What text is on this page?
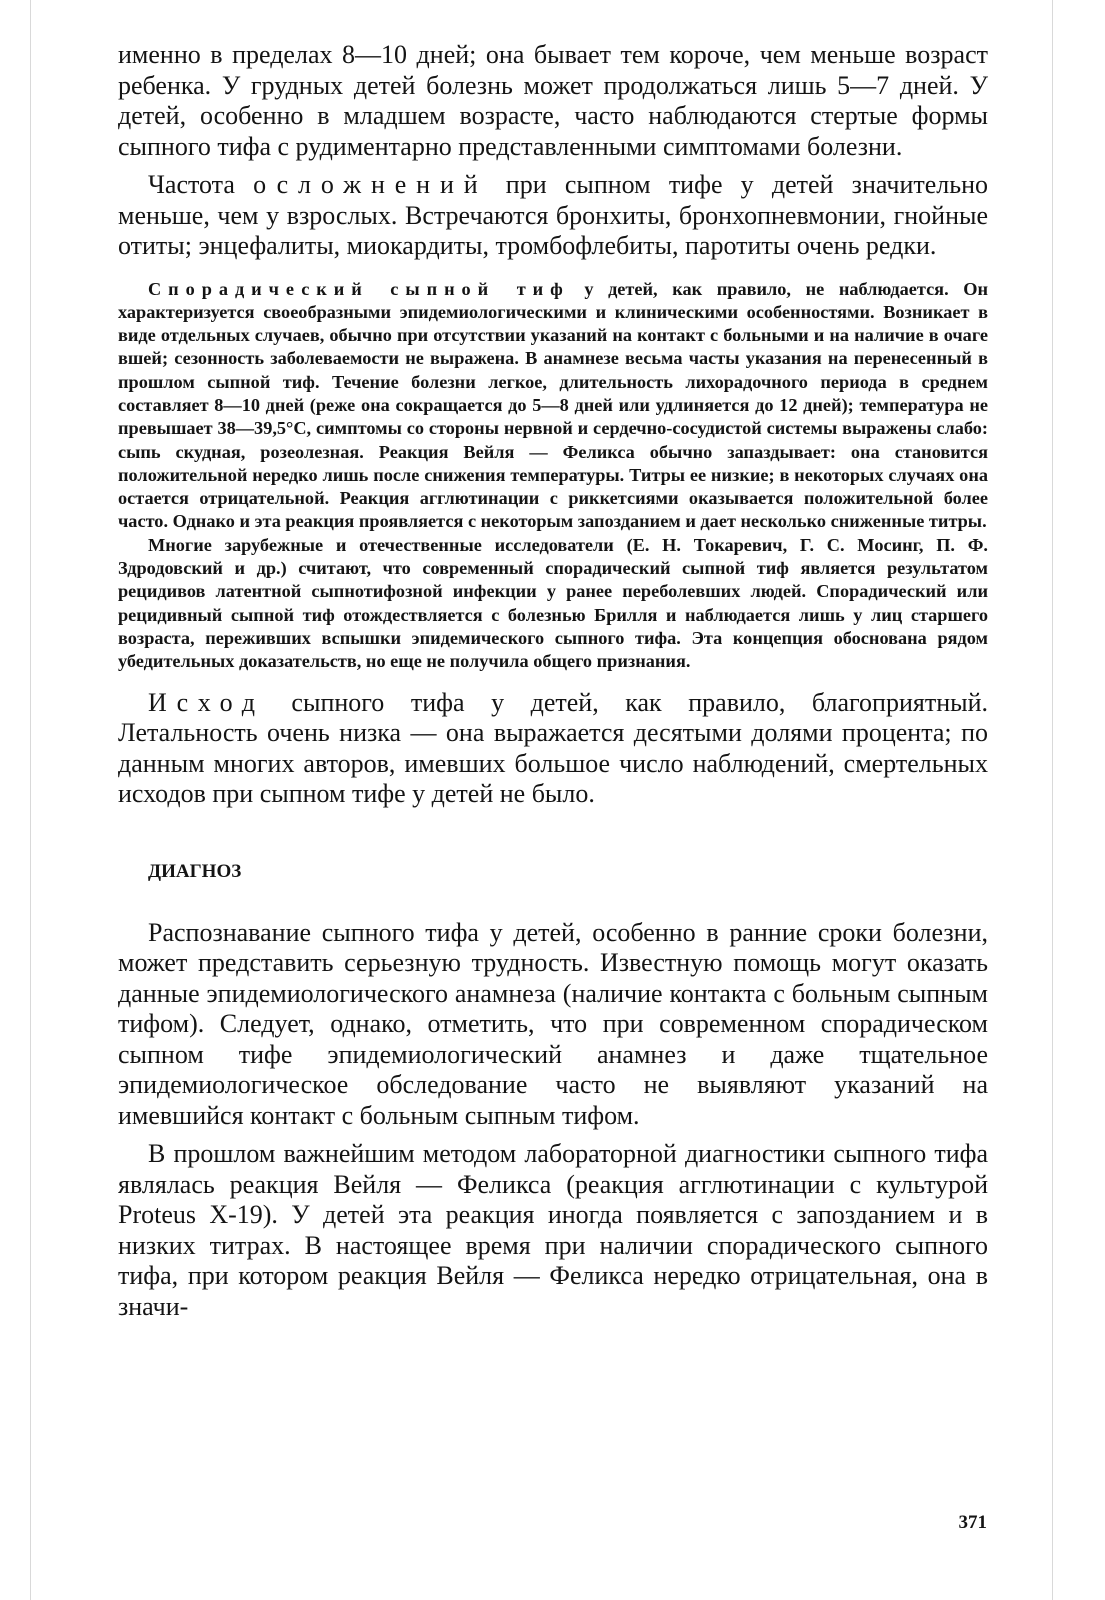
именно в пределах 8—10 дней; она бывает тем короче, чем меньше возраст ребенка. У грудных детей болезнь может продолжаться лишь 5—7 дней. У детей, особенно в младшем возрасте, часто наблюдаются стертые формы сыпного тифа с рудиментарно представленными симптомами болезни.

Частота осложнений при сыпном тифе у детей значительно меньше, чем у взрослых. Встречаются бронхиты, бронхопневмонии, гнойные отиты; энцефалиты, миокардиты, тромбофлебиты, паротиты очень редки.

Спорадический сыпной тиф у детей, как правило, не наблюдается. Он характеризуется своеобразными эпидемиологическими и клиническими особенностями. Возникает в виде отдельных случаев, обычно при отсутствии указаний на контакт с больными и на наличие в очаге вшей; сезонность заболеваемости не выражена. В анамнезе весьма часты указания на перенесенный в прошлом сыпной тиф. Течение болезни легкое, длительность лихорадочного периода в среднем составляет 8—10 дней (реже она сокращается до 5—8 дней или удлиняется до 12 дней); температура не превышает 38—39,5°С, симптомы со стороны нервной и сердечно-сосудистой системы выражены слабо: сыпь скудная, розеолезная. Реакция Вейля — Феликса обычно запаздывает: она становится положительной нередко лишь после снижения температуры. Титры ее низкие; в некоторых случаях она остается отрицательной. Реакция агглютинации с риккетсиями оказывается положительной более часто. Однако и эта реакция проявляется с некоторым запозданием и дает несколько сниженные титры.

Многие зарубежные и отечественные исследователи (Е. Н. Токаревич, Г. С. Мосинг, П. Ф. Здродовский и др.) считают, что современный спорадический сыпной тиф является результатом рецидивов латентной сыпнотифозной инфекции у ранее переболевших людей. Спорадический или рецидивный сыпной тиф отождествляется с болезнью Брилля и наблюдается лишь у лиц старшего возраста, переживших вспышки эпидемического сыпного тифа. Эта концепция обоснована рядом убедительных доказательств, но еще не получила общего признания.

Исход сыпного тифа у детей, как правило, благоприятный. Летальность очень низка — она выражается десятыми долями процента; по данным многих авторов, имевших большое число наблюдений, смертельных исходов при сыпном тифе у детей не было.

ДИАГНОЗ

Распознавание сыпного тифа у детей, особенно в ранние сроки болезни, может представить серьезную трудность. Известную помощь могут оказать данные эпидемиологического анамнеза (наличие контакта с больным сыпным тифом). Следует, однако, отметить, что при современном спорадическом сыпном тифе эпидемиологический анамнез и даже тщательное эпидемиологическое обследование часто не выявляют указаний на имевшийся контакт с больным сыпным тифом.

В прошлом важнейшим методом лабораторной диагностики сыпного тифа являлась реакция Вейля — Феликса (реакция агглютинации с культурой Proteus X-19). У детей эта реакция иногда появляется с запозданием и в низких титрах. В настоящее время при наличии спорадического сыпного тифа, при котором реакция Вейля — Феликса нередко отрицательная, она в значи-

371
